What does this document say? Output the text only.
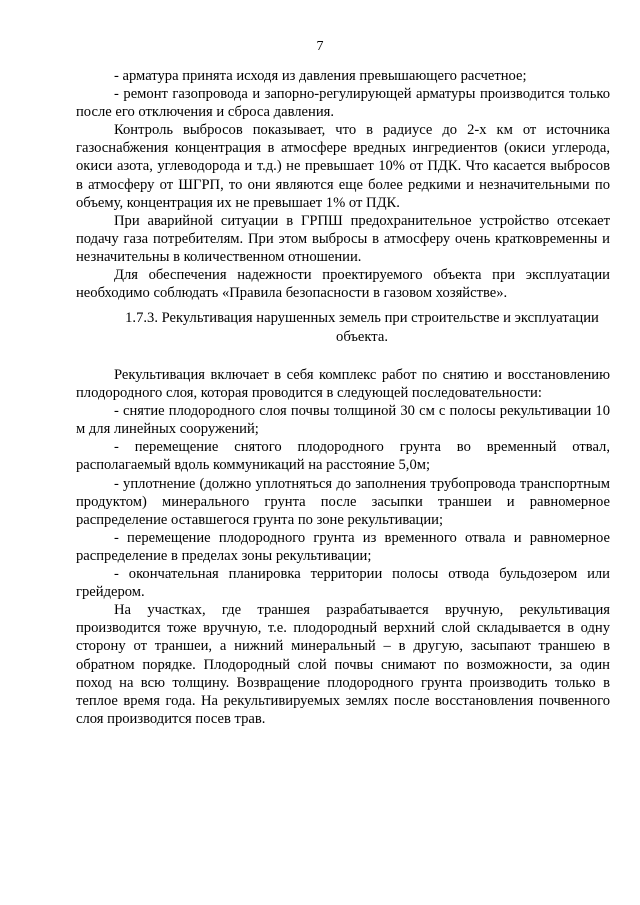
7

- арматура принята исходя из давления превышающего расчетное;

- ремонт газопровода и запорно-регулирующей арматуры производится только после его отключения и сброса давления.

Контроль выбросов показывает, что в радиусе до 2-х км от источника газоснабжения концентрация в атмосфере вредных ингредиентов (окиси углерода, окиси азота, углеводорода и т.д.) не превышает 10% от ПДК. Что касается выбросов в атмосферу от ШГРП, то они являются еще более редкими и незначительными по объему, концентрация их не превышает 1% от ПДК.

При аварийной ситуации в ГРПШ предохранительное устройство отсекает подачу газа потребителям. При этом выбросы в атмосферу очень кратковременны и незначительны в количественном отношении.

Для обеспечения надежности проектируемого объекта при эксплуатации необходимо соблюдать «Правила безопасности в газовом хозяйстве».

1.7.3. Рекультивация нарушенных земель при строительстве и эксплуатации объекта.

Рекультивация включает в себя комплекс работ по снятию и восстановлению плодородного слоя, которая проводится в следующей последовательности:

- снятие плодородного слоя почвы толщиной 30 см с полосы рекультивации 10 м для линейных сооружений;

- перемещение снятого плодородного грунта во временный отвал, располагаемый вдоль коммуникаций на расстояние 5,0м;

- уплотнение (должно уплотняться до заполнения трубопровода транспортным продуктом) минерального грунта после засыпки траншеи и равномерное распределение оставшегося грунта по зоне рекультивации;

- перемещение плодородного грунта из временного отвала и равномерное распределение в пределах зоны рекультивации;

- окончательная планировка территории полосы отвода бульдозером или грейдером.

На участках, где траншея разрабатывается вручную, рекультивация производится тоже вручную, т.е. плодородный верхний слой складывается в одну сторону от траншеи, а нижний минеральный – в другую, засыпают траншею в обратном порядке. Плодородный слой почвы снимают по возможности, за один поход на всю толщину. Возвращение плодородного грунта производить только в теплое время года. На рекультивируемых землях после восстановления почвенного слоя производится посев трав.
